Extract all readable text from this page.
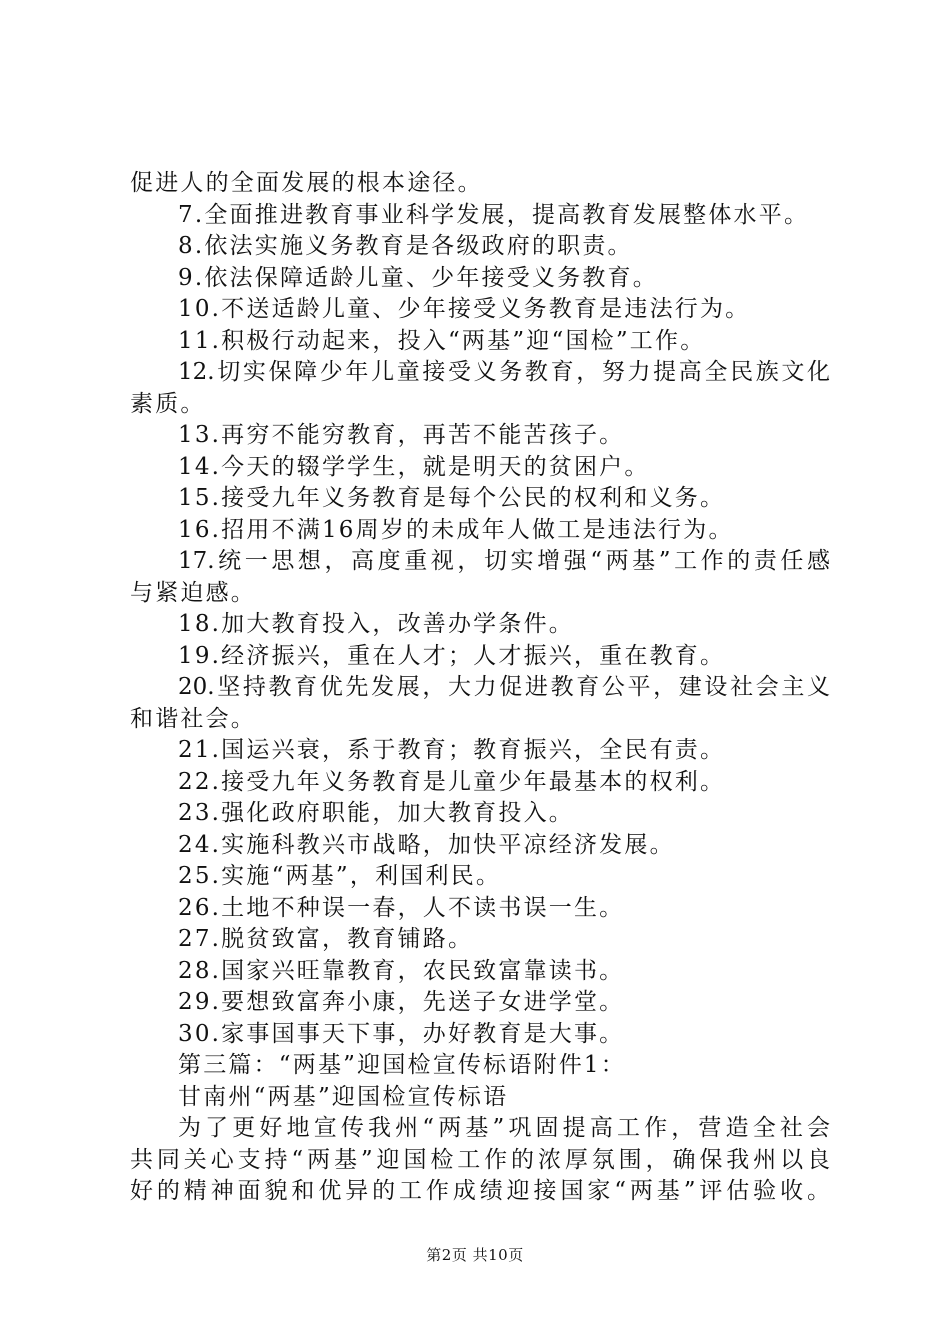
促进人的全面发展的根本途径。
7.全面推进教育事业科学发展，提高教育发展整体水平。
8.依法实施义务教育是各级政府的职责。
9.依法保障适龄儿童、少年接受义务教育。
10.不送适龄儿童、少年接受义务教育是违法行为。
11.积极行动起来，投入“两基”迎“国检”工作。
12.切实保障少年儿童接受义务教育，努力提高全民族文化
素质。
13.再穷不能穷教育，再苦不能苦孩子。
14.今天的辍学学生，就是明天的贫困户。
15.接受九年义务教育是每个公民的权利和义务。
16.招用不满16周岁的未成年人做工是违法行为。
17.统一思想，高度重视，切实增强“两基”工作的责任感
与紧迫感。
18.加大教育投入，改善办学条件。
19.经济振兴，重在人才；人才振兴，重在教育。
20.坚持教育优先发展，大力促进教育公平，建设社会主义
和谐社会。
21.国运兴衰，系于教育；教育振兴，全民有责。
22.接受九年义务教育是儿童少年最基本的权利。
23.强化政府职能，加大教育投入。
24.实施科教兴市战略，加快平凉经济发展。
25.实施“两基”，利国利民。
26.土地不种误一春，人不读书误一生。
27.脱贫致富，教育铺路。
28.国家兴旺靠教育，农民致富靠读书。
29.要想致富奔小康，先送子女进学堂。
30.家事国事天下事，办好教育是大事。
第三篇：“两基”迎国检宣传标语附件1：
甘南州“两基”迎国检宣传标语
为了更好地宣传我州“两基”巩固提高工作，营造全社会
共同关心支持“两基”迎国检工作的浓厚氛围，确保我州以良
好的精神面貌和优异的工作成绩迎接国家“两基”评估验收。
第2页 共10页
